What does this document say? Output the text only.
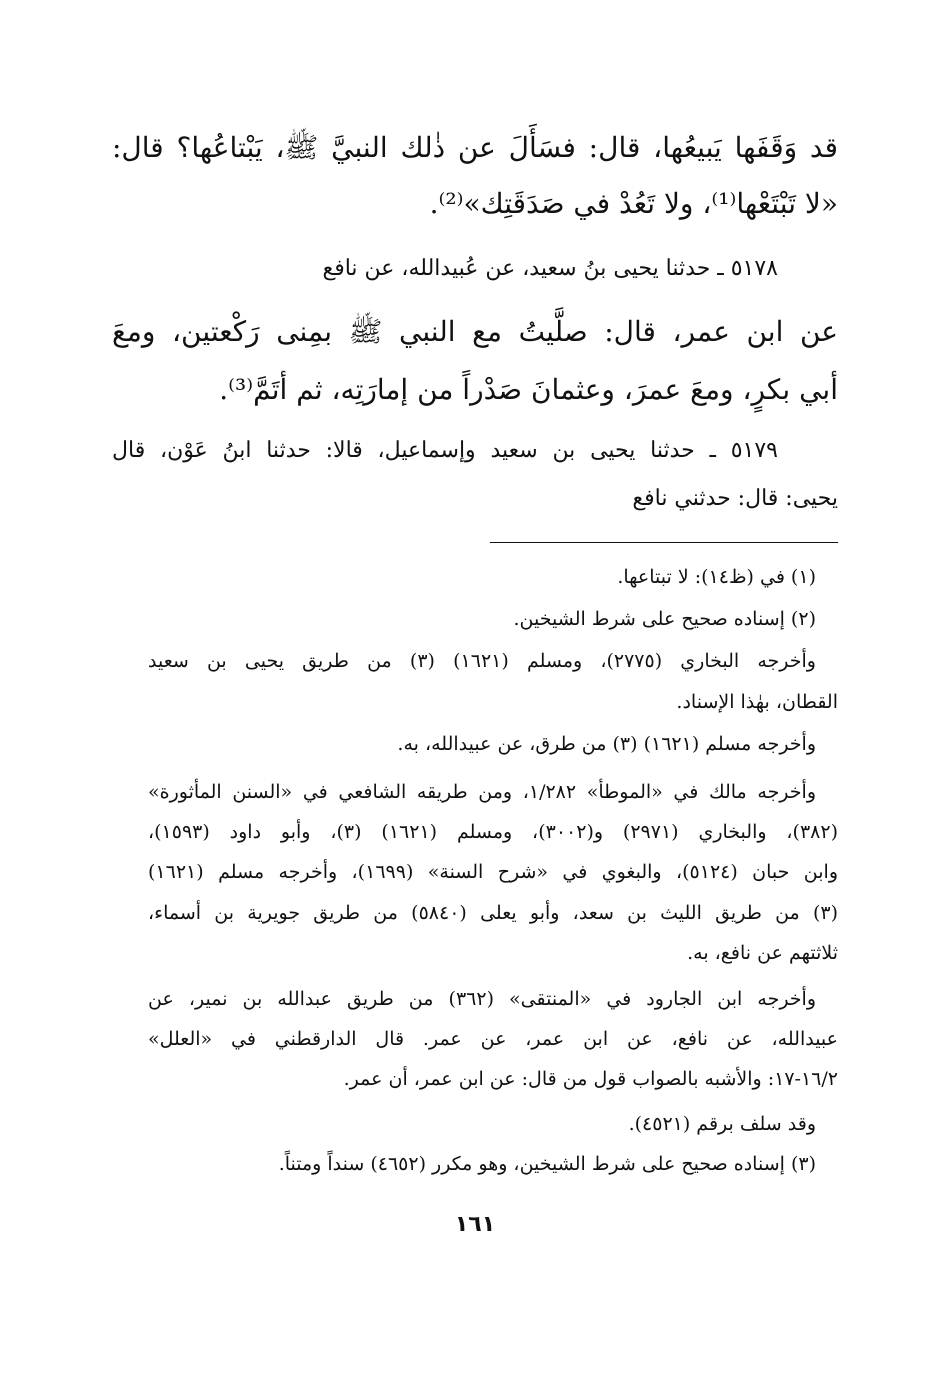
قد وَقَفَها يَبيعُها، قال: فسَأَلَ عن ذٰلك النبيَّ ﷺ، يَبْتاعُها؟ قال:
«لا تَبْتَعْها⁽¹⁾، ولا تَعُدْ في صَدَقَتِك»⁽²⁾.
٥١٧٨ ـ حدثنا يحيى بنُ سعيد، عن عُبيدالله، عن نافع
عن ابن عمر، قال: صلَّيتُ مع النبي ﷺ بمِنى رَكْعتين، ومعَ
أبي بكرٍ، ومعَ عمرَ، وعثمانَ صَدْراً من إمارَتِه، ثم أتَمَّ⁽³⁾.
٥١٧٩ ـ حدثنا يحيى بن سعيد وإسماعيل، قالا: حدثنا ابنُ عَوْن، قال
يحيى: قال: حدثني نافع
(١) في (ظ١٤): لا تبتاعها.
(٢) إسناده صحيح على شرط الشيخين.
وأخرجه البخاري (٢٧٧٥)، ومسلم (١٦٢١) (٣) من طريق يحيى بن سعيد
القطان، بهٰذا الإسناد.
وأخرجه مسلم (١٦٢١) (٣) من طرق، عن عبيدالله، به.
وأخرجه مالك في «الموطأ» ١/٢٨٢، ومن طريقه الشافعي في «السنن المأثورة»
(٣٨٢)، والبخاري (٢٩٧١) و(٣٠٠٢)، ومسلم (١٦٢١) (٣)، وأبو داود (١٥٩٣)،
وابن حبان (٥١٢٤)، والبغوي في «شرح السنة» (١٦٩٩)، وأخرجه مسلم (١٦٢١)
(٣) من طريق الليث بن سعد، وأبو يعلى (٥٨٤٠) من طريق جويرية بن أسماء،
ثلاثتهم عن نافع، به.
وأخرجه ابن الجارود في «المنتقى» (٣٦٢) من طريق عبدالله بن نمير، عن
عبيدالله، عن نافع، عن ابن عمر، عن عمر. قال الدارقطني في «العلل»
١٦/٢-١٧: والأشبه بالصواب قول من قال: عن ابن عمر، أن عمر.
وقد سلف برقم (٤٥٢١).
(٣) إسناده صحيح على شرط الشيخين، وهو مكرر (٤٦٥٢) سنداً ومتناً.
١٦١
